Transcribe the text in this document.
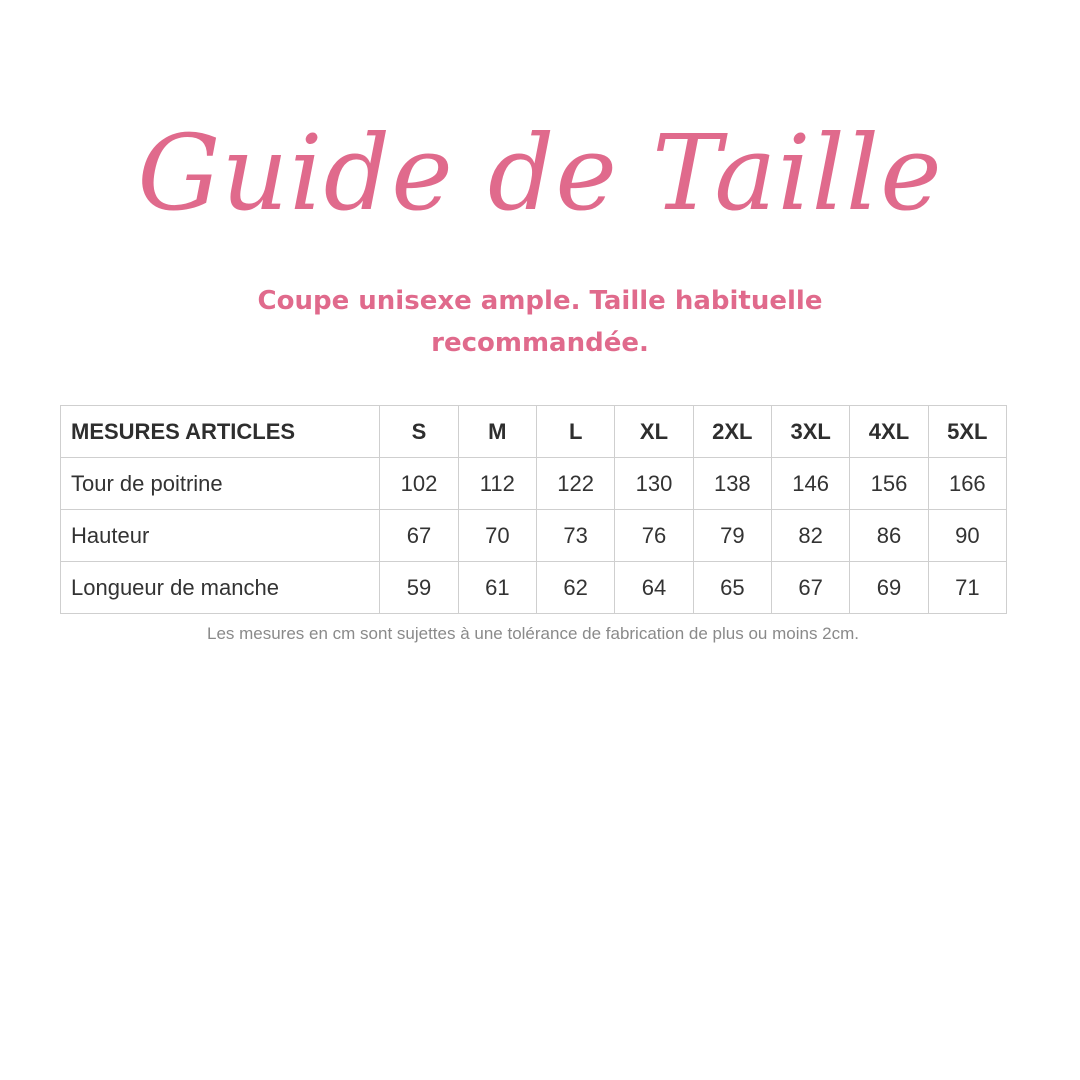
Guide de Taille
Coupe unisexe ample. Taille habituelle recommandée.
MESURES ARTICLES	S	M	L	XL	2XL	3XL	4XL	5XL
Tour de poitrine	102	112	122	130	138	146	156	166
Hauteur	67	70	73	76	79	82	86	90
Longueur de manche	59	61	62	64	65	67	69	71
Les mesures en cm sont sujettes à une tolérance de fabrication de plus ou moins 2cm.
